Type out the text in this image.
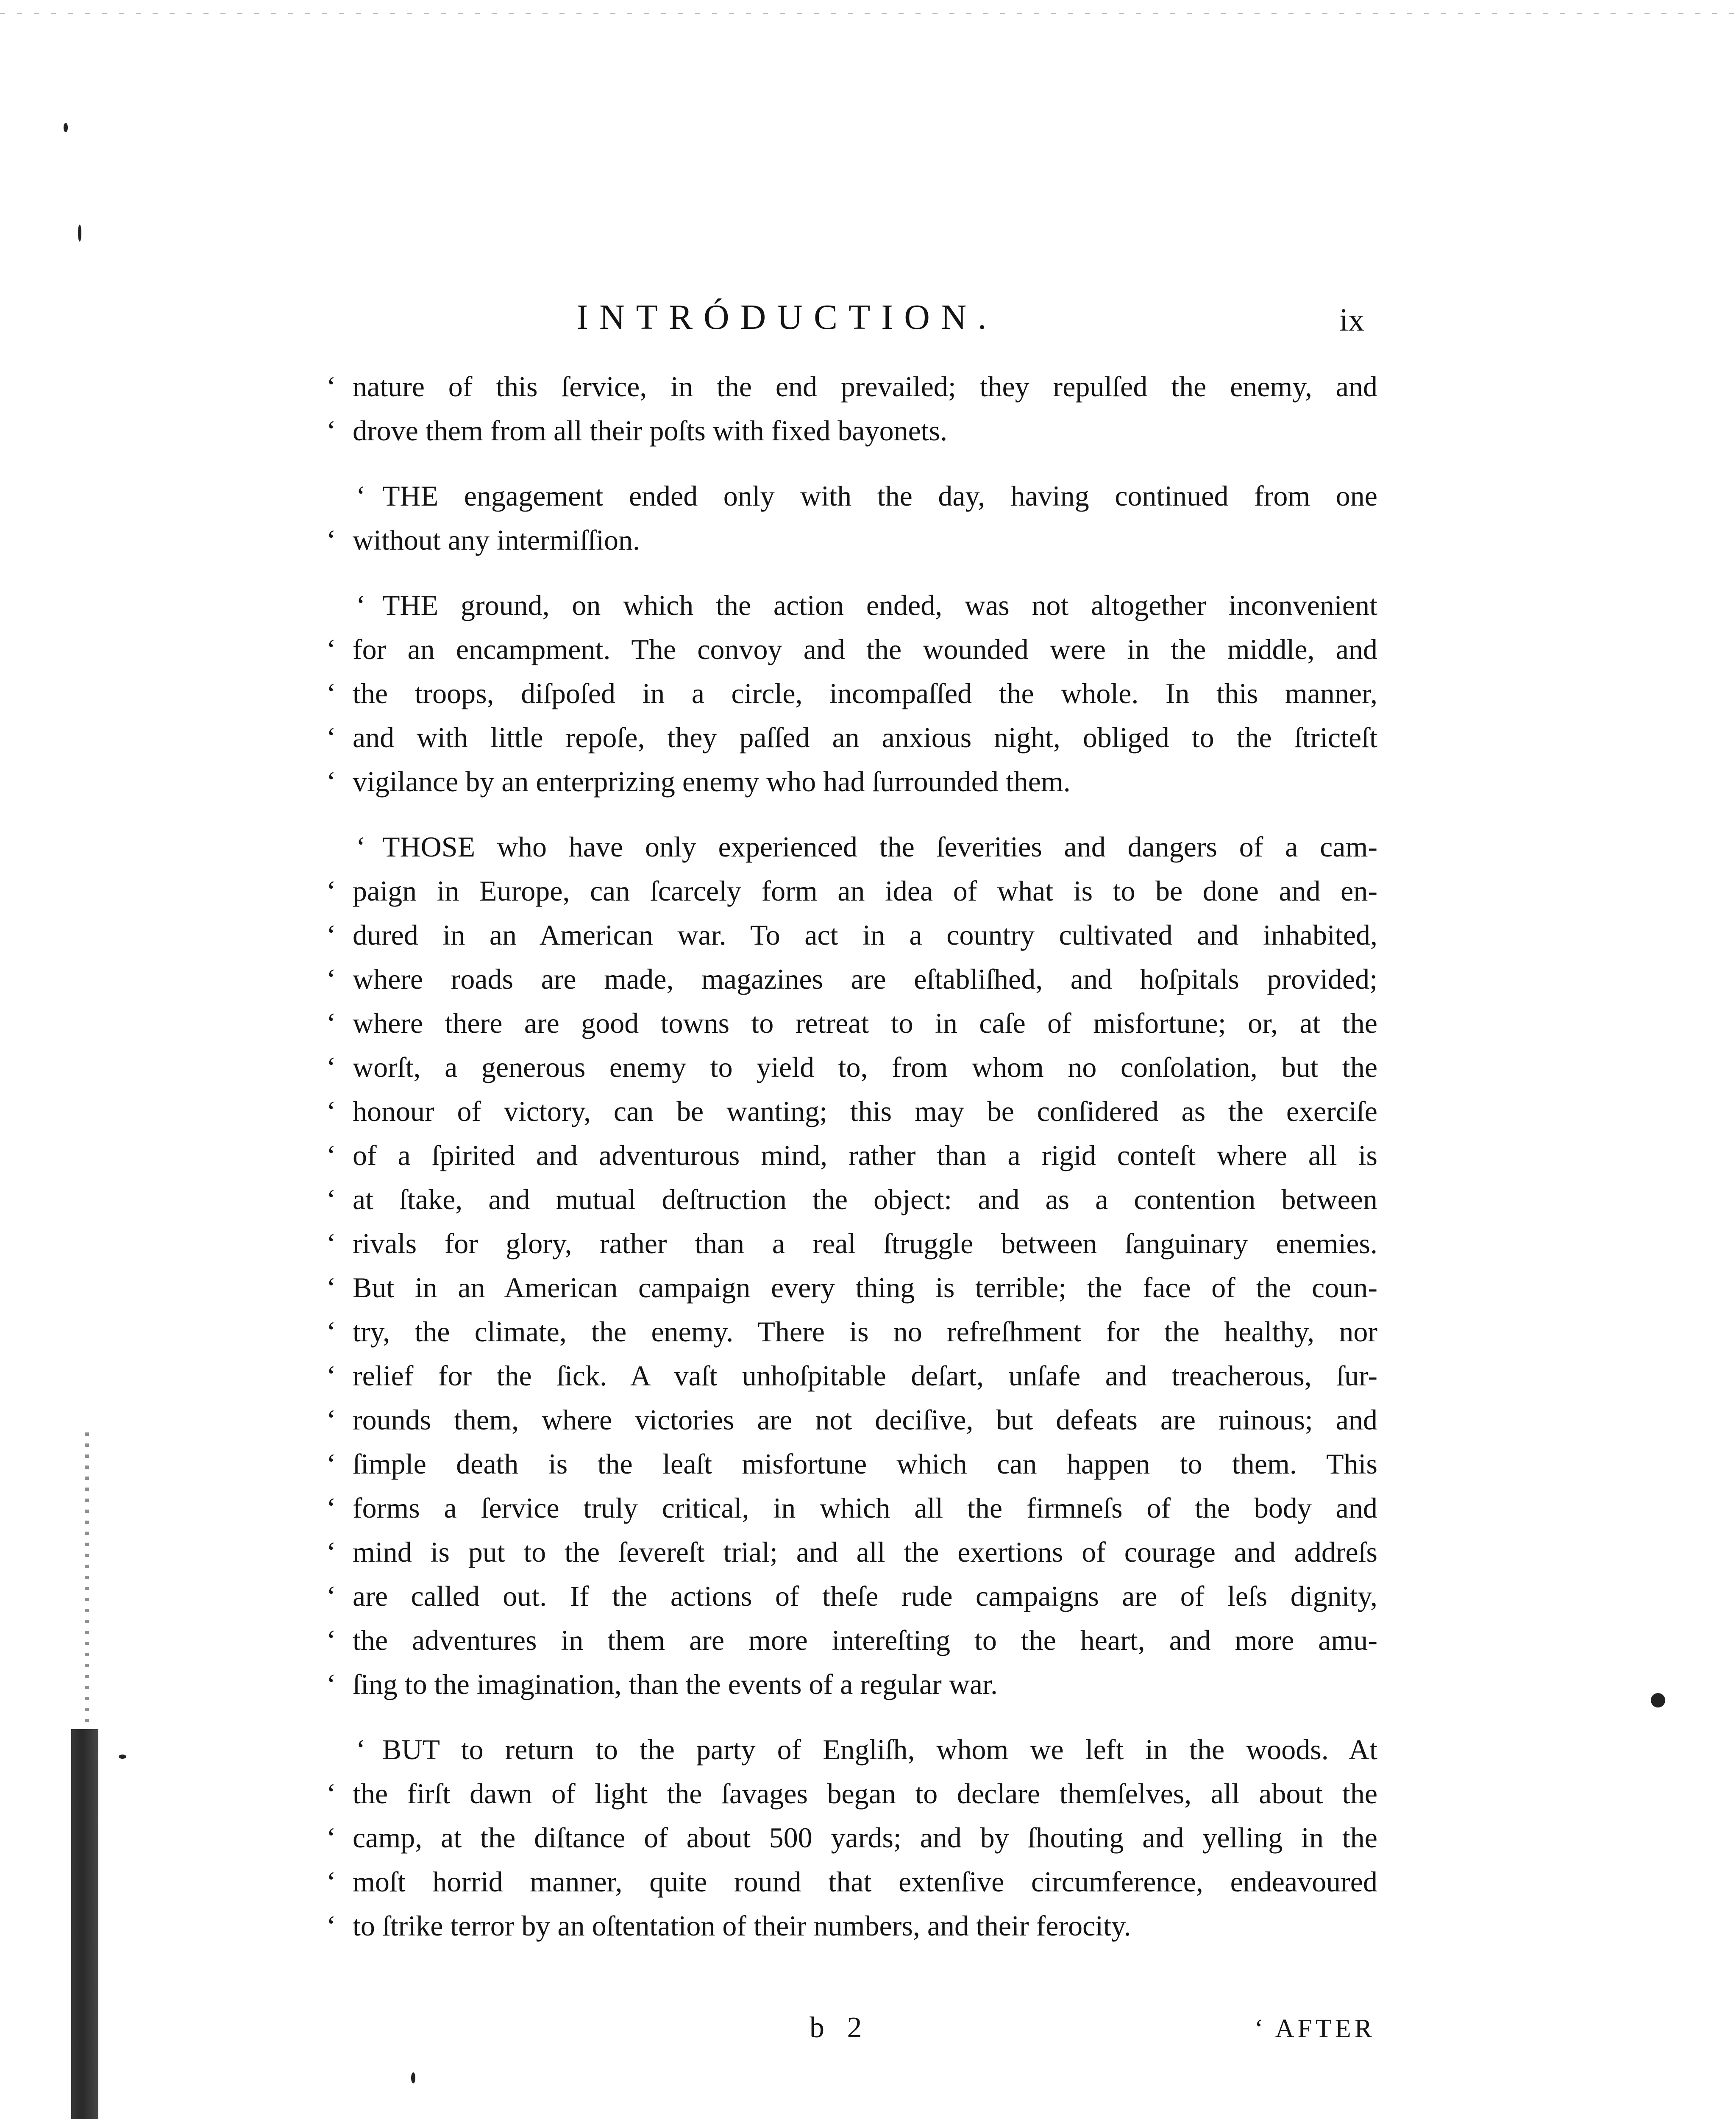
INTRÓDUCTION.	ix
‘ nature of this ſervice, in the end prevailed; they repulſed the enemy, and
‘ drove them from all their poſts with fixed bayonets.
‘ THE engagement ended only with the day, having continued from one
‘ without any intermiſſion.
‘ THE ground, on which the action ended, was not altogether inconvenient
‘ for an encampment. The convoy and the wounded were in the middle, and
‘ the troops, diſpoſed in a circle, incompaſſed the whole. In this manner,
‘ and with little repoſe, they paſſed an anxious night, obliged to the ſtricteſt
‘ vigilance by an enterprizing enemy who had ſurrounded them.
‘ THOSE who have only experienced the ſeverities and dangers of a cam-
‘ paign in Europe, can ſcarcely form an idea of what is to be done and en-
‘ dured in an American war. To act in a country cultivated and inhabited,
‘ where roads are made, magazines are eſtabliſhed, and hoſpitals provided;
‘ where there are good towns to retreat to in caſe of misfortune; or, at the
‘ worſt, a generous enemy to yield to, from whom no conſolation, but the
‘ honour of victory, can be wanting; this may be conſidered as the exerciſe
‘ of a ſpirited and adventurous mind, rather than a rigid conteſt where all is
‘ at ſtake, and mutual deſtruction the object: and as a contention between
‘ rivals for glory, rather than a real ſtruggle between ſanguinary enemies.
‘ But in an American campaign every thing is terrible; the face of the coun-
‘ try, the climate, the enemy. There is no refreſhment for the healthy, nor
‘ relief for the ſick. A vaſt unhoſpitable deſart, unſafe and treacherous, ſur-
‘ rounds them, where victories are not deciſive, but defeats are ruinous; and
‘ ſimple death is the leaſt misfortune which can happen to them. This
‘ forms a ſervice truly critical, in which all the firmneſs of the body and
‘ mind is put to the ſevereſt trial; and all the exertions of courage and addreſs
‘ are called out. If the actions of theſe rude campaigns are of leſs dignity,
‘ the adventures in them are more intereſting to the heart, and more amu-
‘ ſing to the imagination, than the events of a regular war.
‘ BUT to return to the party of Engliſh, whom we left in the woods. At
‘ the firſt dawn of light the ſavages began to declare themſelves, all about the
‘ camp, at the diſtance of about 500 yards; and by ſhouting and yelling in the
‘ moſt horrid manner, quite round that extenſive circumference, endeavoured
‘ to ſtrike terror by an oſtentation of their numbers, and their ferocity.
b 2	‘ AFTER
